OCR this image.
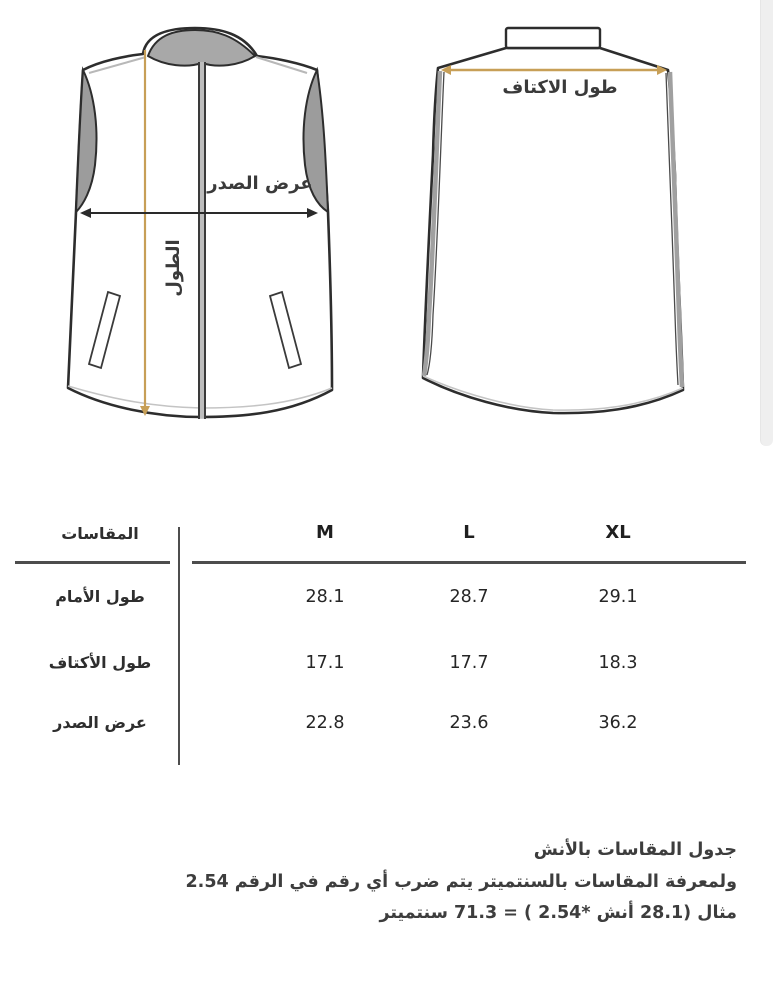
عرض الصدر
الطول
طول الاكتاف
المقاسات	M	L	XL
طول الأمام	28.1	28.7	29.1
طول الأكتاف	17.1	17.7	18.3
عرض الصدر	22.8	23.6	36.2
جدول المقاسات بالأنش
ولمعرفة المقاسات بالسنتميتر يتم ضرب أي رقم في الرقم 2.54
مثال (28.1 أنش *2.54 ) = 71.3 سنتميتر
